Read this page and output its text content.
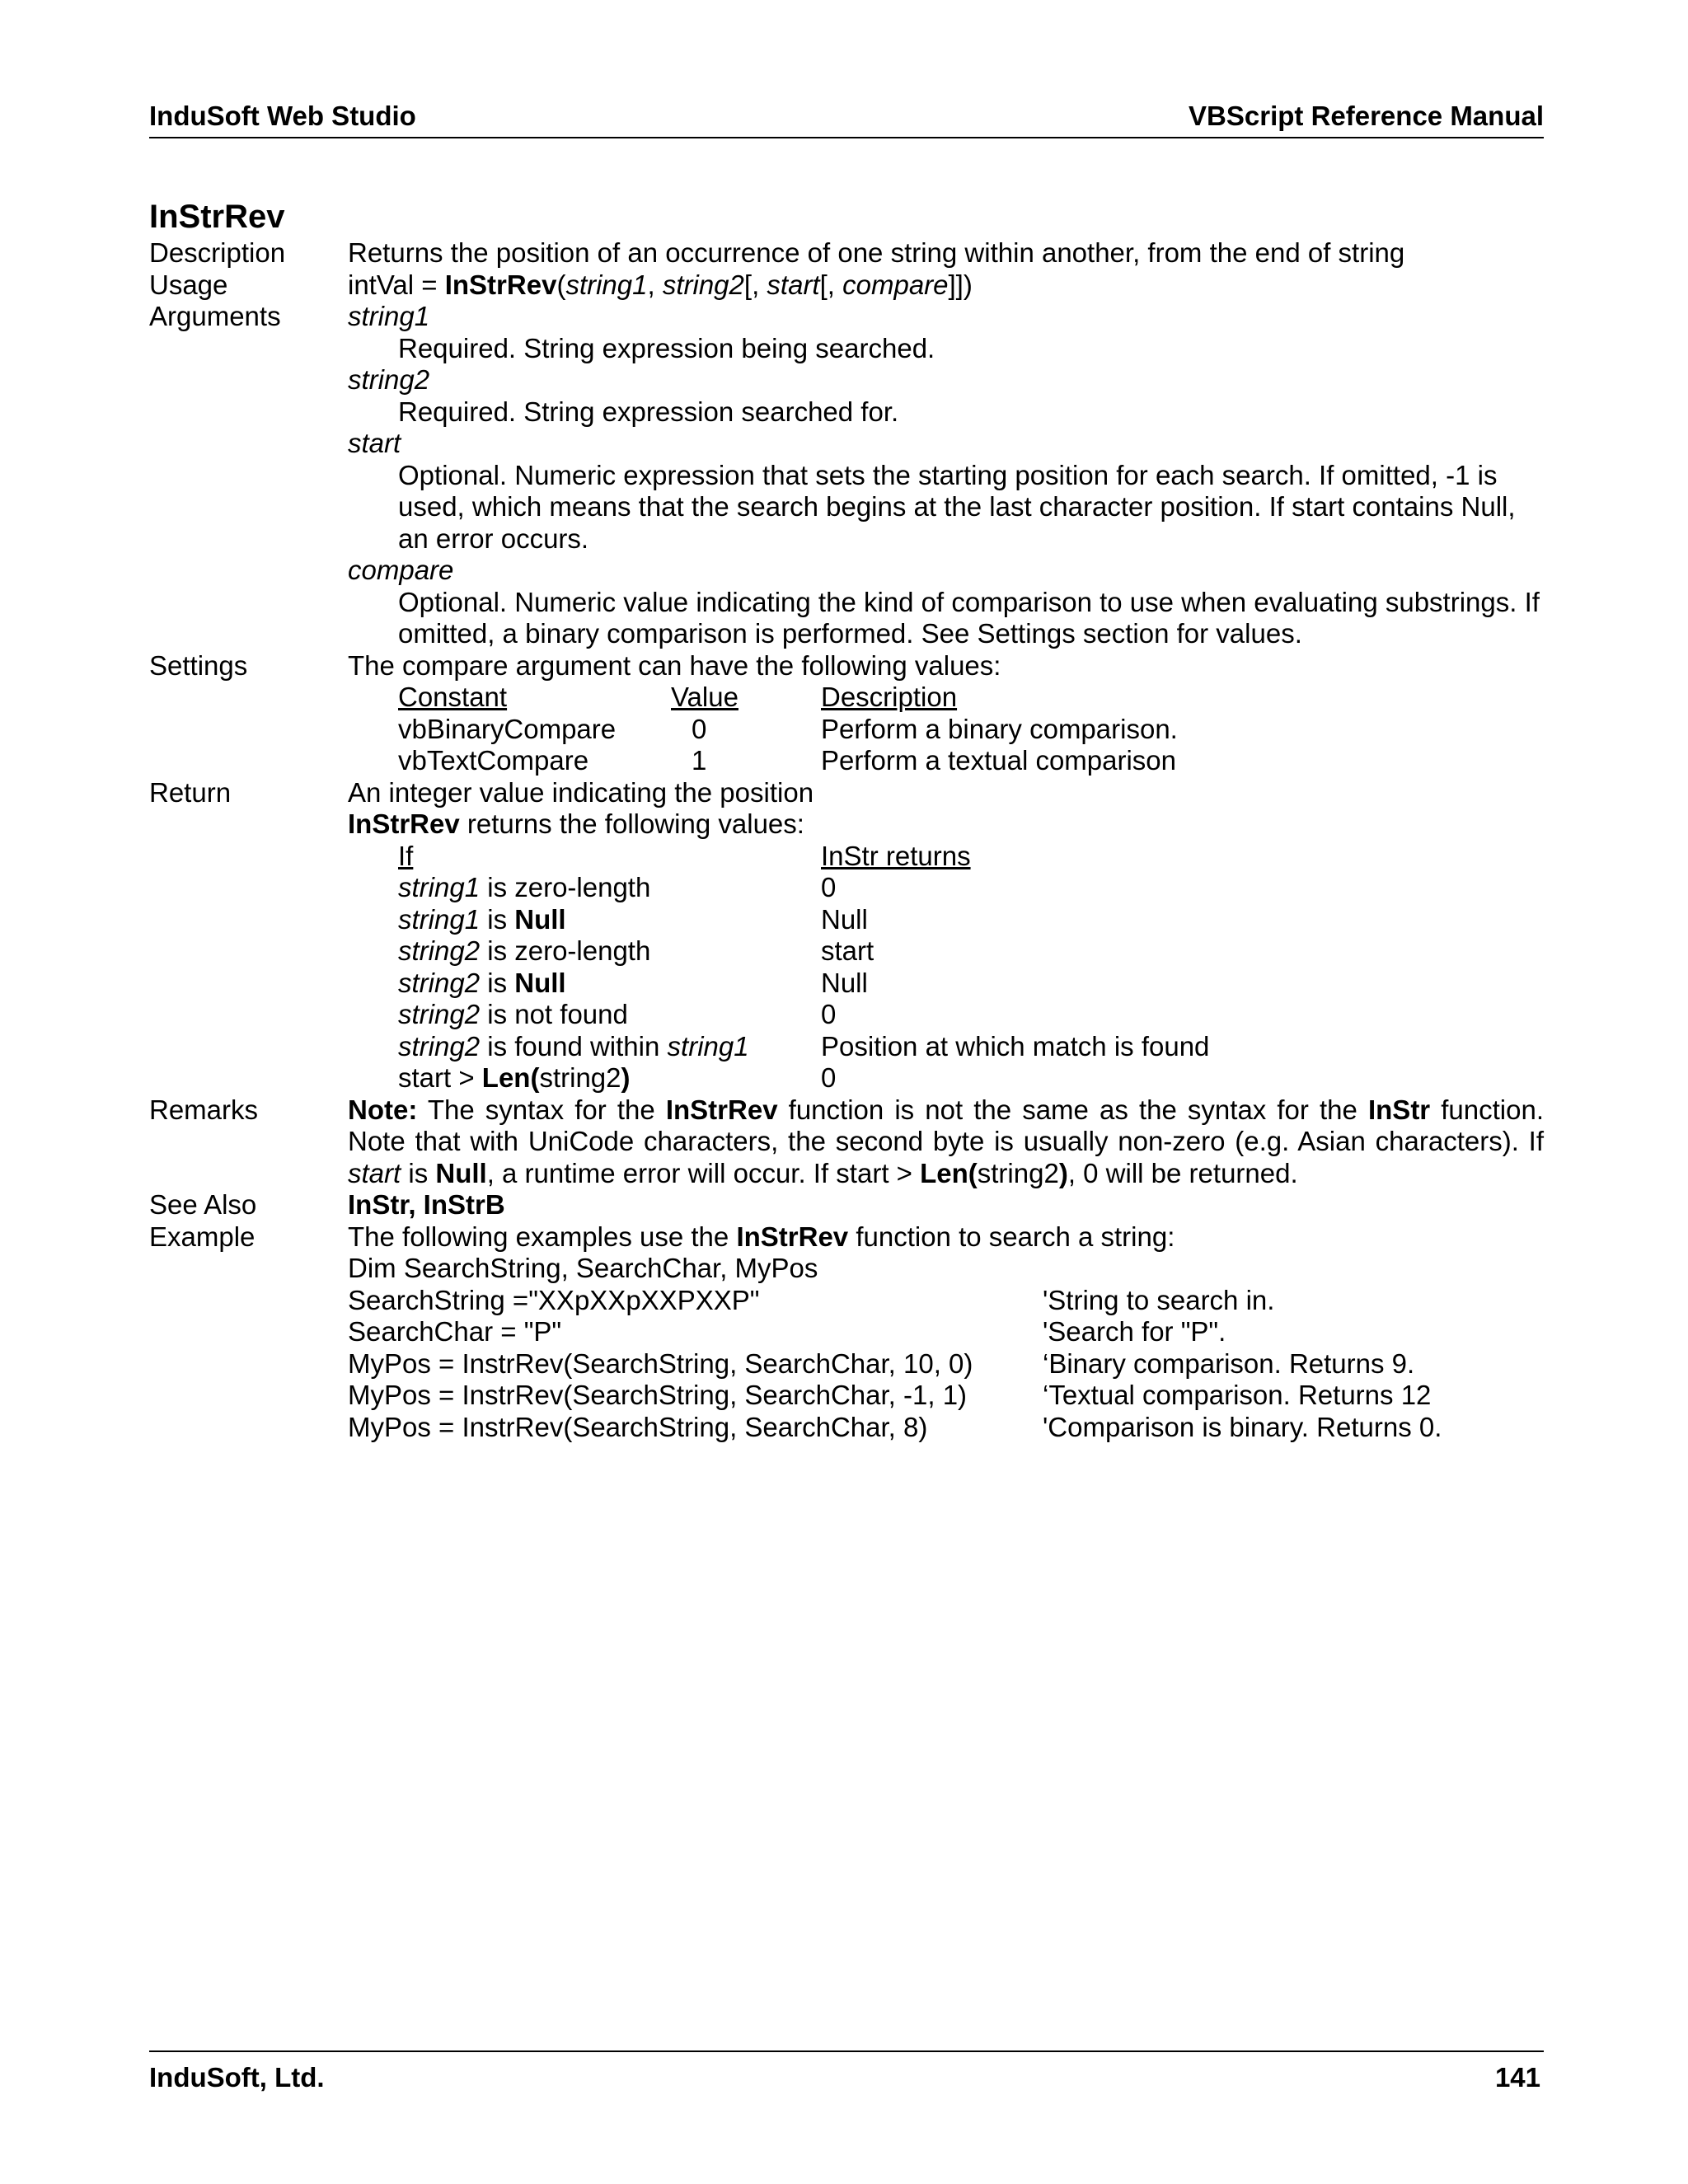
InduSoft Web Studio	VBScript Reference Manual
InStrRev
Description Returns the position of an occurrence of one string within another, from the end of string
Usage	intVal = InStrRev(string1, string2[, start[, compare]])
Arguments string1
Required. String expression being searched.
string2
Required. String expression searched for.
start
Optional. Numeric expression that sets the starting position for each search. If omitted, -1 is used, which means that the search begins at the last character position. If start contains Null, an error occurs.
compare
Optional. Numeric value indicating the kind of comparison to use when evaluating substrings. If omitted, a binary comparison is performed. See Settings section for values.
Settings	The compare argument can have the following values:
Constant	Value	Description
vbBinaryCompare	0	Perform a binary comparison.
vbTextCompare	1	Perform a textual comparison
Return	An integer value indicating the position
InStrRev returns the following values:
If	InStr returns
string1 is zero-length	0
string1 is Null	Null
string2 is zero-length	start
string2 is Null	Null
string2 is not found	0
string2 is found within string1	Position at which match is found
start > Len(string2)	0
Remarks	Note: The syntax for the InStrRev function is not the same as the syntax for the InStr function. Note that with UniCode characters, the second byte is usually non-zero (e.g. Asian characters). If start is Null, a runtime error will occur. If start > Len(string2), 0 will be returned.
See Also	InStr, InStrB
Example	The following examples use the InStrRev function to search a string:
Dim SearchString, SearchChar, MyPos
SearchString ="XXpXXpXXPXXP"	'String to search in.
SearchChar = "P"	'Search for "P".
MyPos = InstrRev(SearchString, SearchChar, 10, 0)	‘Binary comparison. Returns 9.
MyPos = InstrRev(SearchString, SearchChar, -1, 1)	‘Textual comparison. Returns 12
MyPos = InstrRev(SearchString, SearchChar, 8)	'Comparison is binary. Returns 0.
InduSoft, Ltd.	141
